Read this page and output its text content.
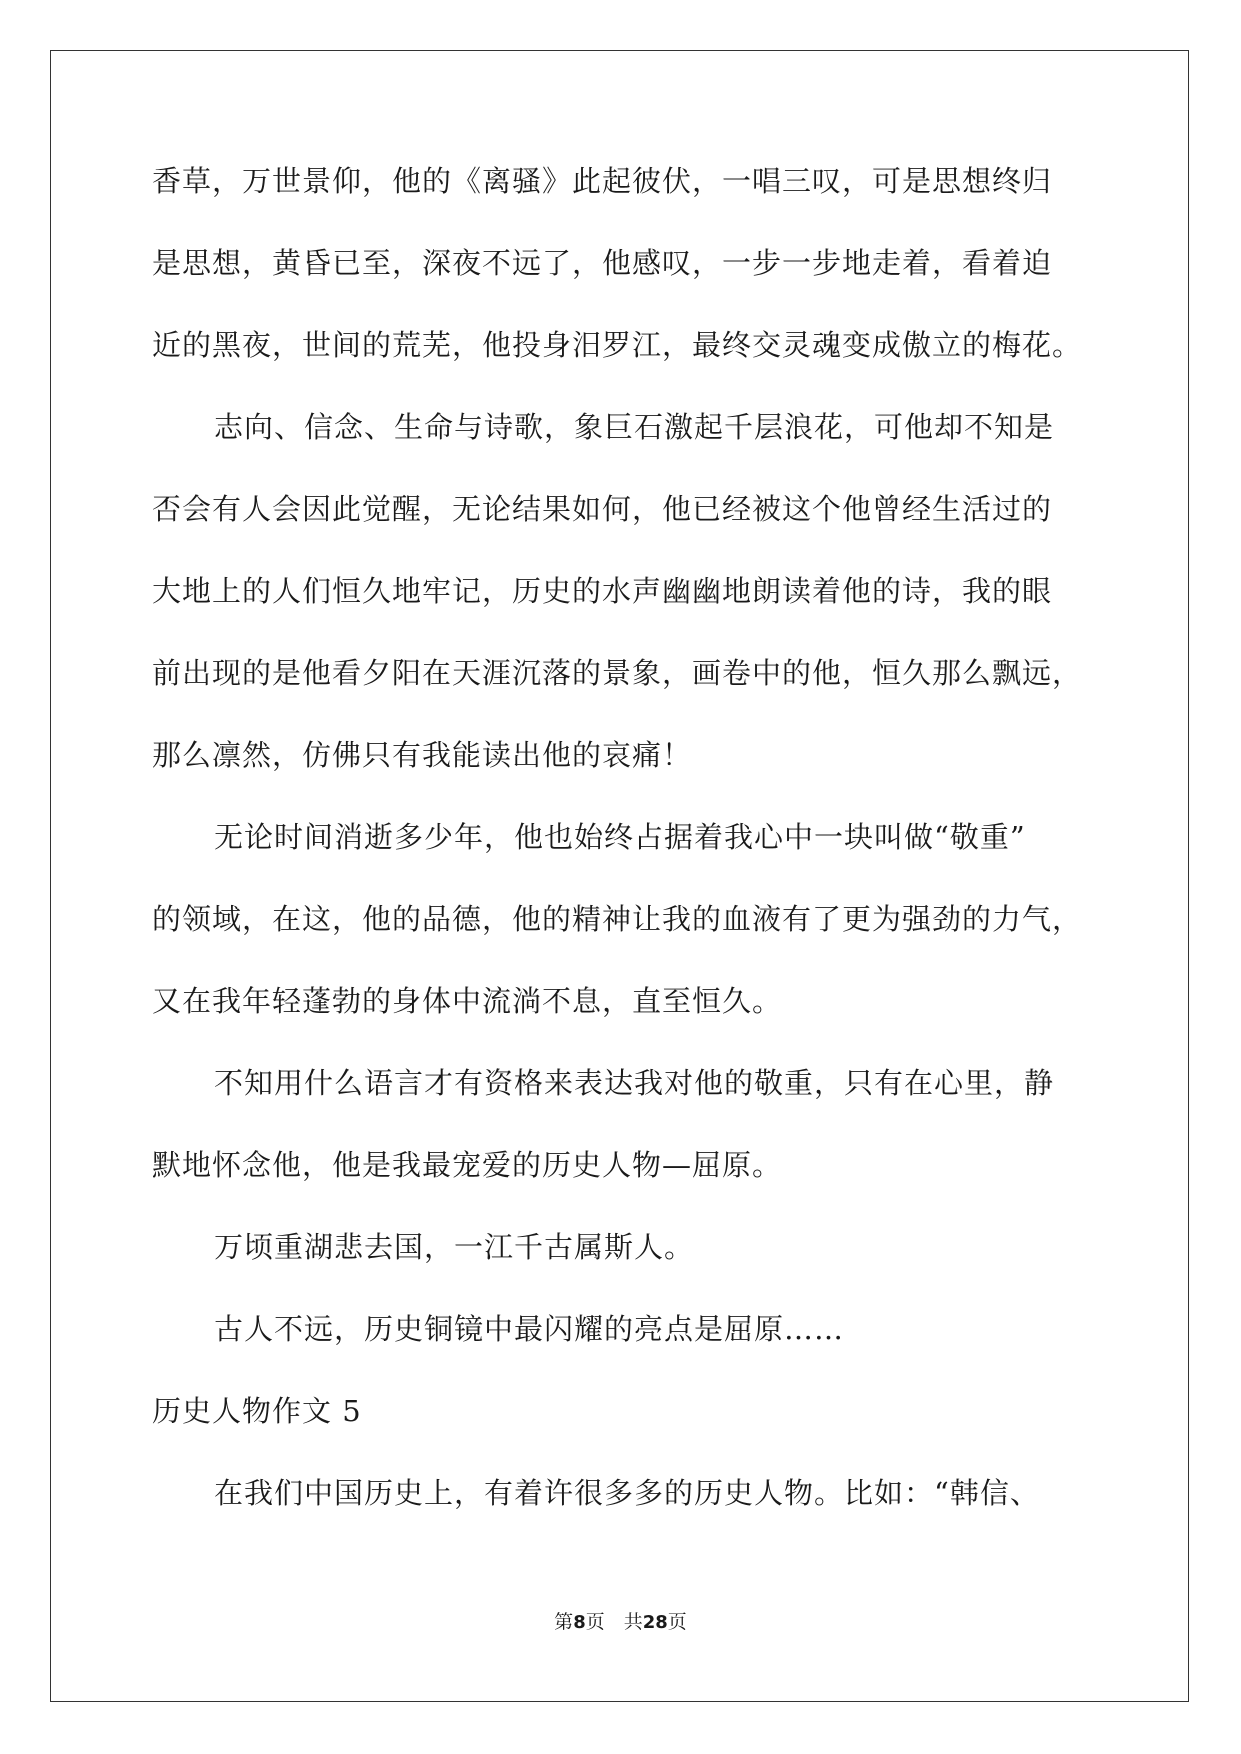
香草，万世景仰，他的《离骚》此起彼伏，一唱三叹，可是思想终归
是思想，黄昏已至，深夜不远了，他感叹，一步一步地走着，看着迫
近的黑夜，世间的荒芜，他投身汨罗江，最终交灵魂变成傲立的梅花。
志向、信念、生命与诗歌，象巨石激起千层浪花，可他却不知是
否会有人会因此觉醒，无论结果如何，他已经被这个他曾经生活过的
大地上的人们恒久地牢记，历史的水声幽幽地朗读着他的诗，我的眼
前出现的是他看夕阳在天涯沉落的景象，画卷中的他，恒久那么飘远，
那么凛然，仿佛只有我能读出他的哀痛！
无论时间消逝多少年，他也始终占据着我心中一块叫做“敬重”
的领域，在这，他的品德，他的精神让我的血液有了更为强劲的力气，
又在我年轻蓬勃的身体中流淌不息，直至恒久。
不知用什么语言才有资格来表达我对他的敬重，只有在心里，静
默地怀念他，他是我最宠爱的历史人物—屈原。
万顷重湖悲去国，一江千古属斯人。
古人不远，历史铜镜中最闪耀的亮点是屈原……
历史人物作文 5
在我们中国历史上，有着许很多多的历史人物。比如：“韩信、
第8页　共28页
